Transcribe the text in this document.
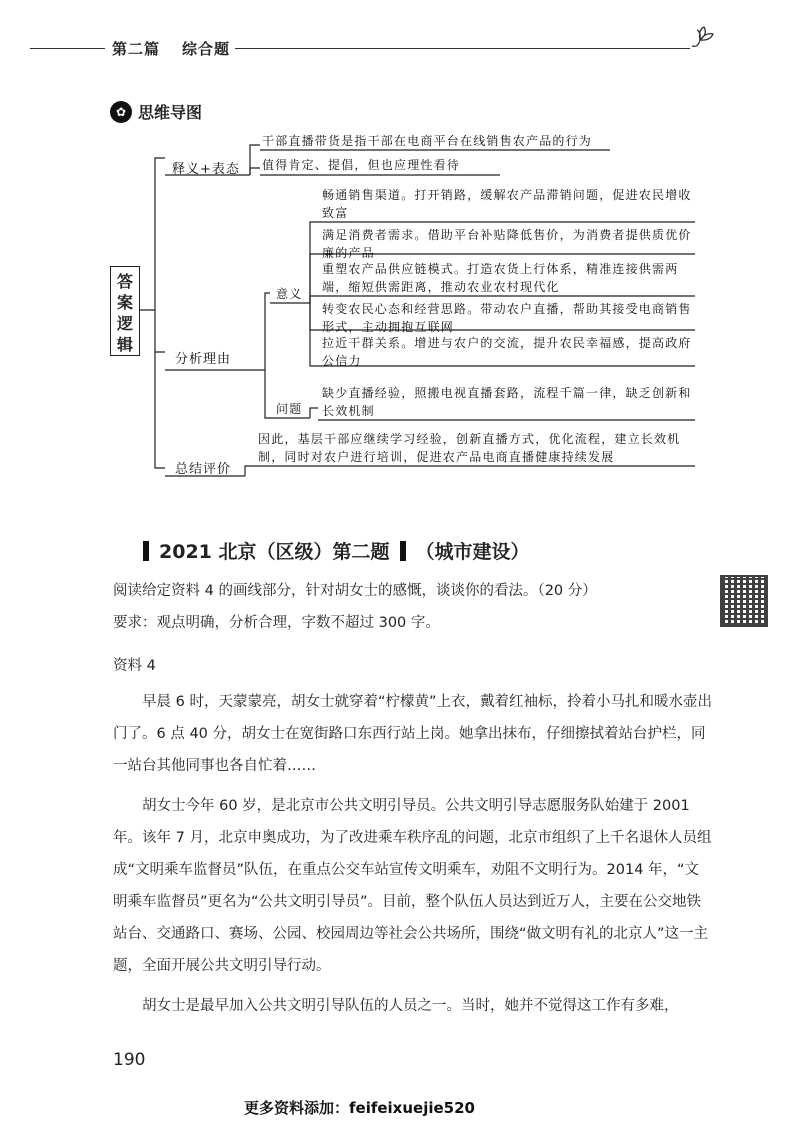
第二篇 综合题
✿ 思维导图
答案逻辑
释义+表态
干部直播带货是指干部在电商平台在线销售农产品的行为
值得肯定、提倡，但也应理性看待
分析理由
意义
问题
畅通销售渠道。打开销路，缓解农产品滞销问题，促进农民增收致富
满足消费者需求。借助平台补贴降低售价，为消费者提供质优价廉的产品
重塑农产品供应链模式。打造农货上行体系，精准连接供需两端，缩短供需距离，推动农业农村现代化
转变农民心态和经营思路。带动农户直播，帮助其接受电商销售形式，主动拥抱互联网
拉近干群关系。增进与农户的交流，提升农民幸福感，提高政府公信力
缺少直播经验，照搬电视直播套路，流程千篇一律，缺乏创新和长效机制
总结评价
因此，基层干部应继续学习经验，创新直播方式，优化流程，建立长效机制，同时对农户进行培训，促进农产品电商直播健康持续发展
2021 北京（区级）第二题 （城市建设）
阅读给定资料 4 的画线部分，针对胡女士的感慨，谈谈你的看法。（20 分）
要求：观点明确，分析合理，字数不超过 300 字。
资料 4
早晨 6 时，天蒙蒙亮，胡女士就穿着“柠檬黄”上衣，戴着红袖标，拎着小马扎和暖水壶出门了。6 点 40 分，胡女士在宽街路口东西行站上岗。她拿出抹布，仔细擦拭着站台护栏，同一站台其他同事也各自忙着……
胡女士今年 60 岁，是北京市公共文明引导员。公共文明引导志愿服务队始建于 2001 年。该年 7 月，北京申奥成功，为了改进乘车秩序乱的问题，北京市组织了上千名退休人员组成“文明乘车监督员”队伍，在重点公交车站宣传文明乘车，劝阻不文明行为。2014 年，“文明乘车监督员”更名为“公共文明引导员”。目前，整个队伍人员达到近万人，主要在公交地铁站台、交通路口、赛场、公园、校园周边等社会公共场所，围绕“做文明有礼的北京人”这一主题，全面开展公共文明引导行动。
胡女士是最早加入公共文明引导队伍的人员之一。当时，她并不觉得这工作有多难，
190
更多资料添加：feifeixuejie520
